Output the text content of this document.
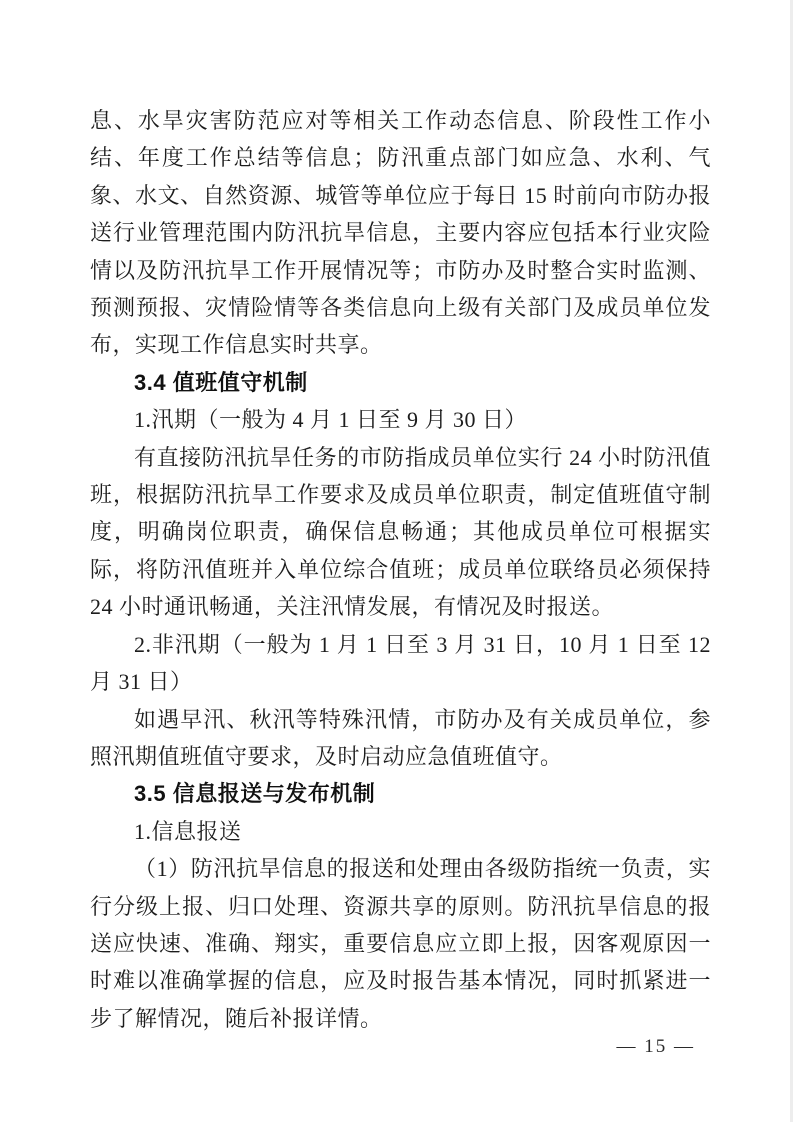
息、水旱灾害防范应对等相关工作动态信息、阶段性工作小结、年度工作总结等信息；防汛重点部门如应急、水利、气象、水文、自然资源、城管等单位应于每日 15 时前向市防办报送行业管理范围内防汛抗旱信息，主要内容应包括本行业灾险情以及防汛抗旱工作开展情况等；市防办及时整合实时监测、预测预报、灾情险情等各类信息向上级有关部门及成员单位发布，实现工作信息实时共享。

3.4 值班值守机制

1.汛期（一般为 4 月 1 日至 9 月 30 日）

有直接防汛抗旱任务的市防指成员单位实行 24 小时防汛值班，根据防汛抗旱工作要求及成员单位职责，制定值班值守制度，明确岗位职责，确保信息畅通；其他成员单位可根据实际，将防汛值班并入单位综合值班；成员单位联络员必须保持 24 小时通讯畅通，关注汛情发展，有情况及时报送。

2.非汛期（一般为 1 月 1 日至 3 月 31 日，10 月 1 日至 12 月 31 日）

如遇早汛、秋汛等特殊汛情，市防办及有关成员单位，参照汛期值班值守要求，及时启动应急值班值守。

3.5 信息报送与发布机制

1.信息报送

（1）防汛抗旱信息的报送和处理由各级防指统一负责，实行分级上报、归口处理、资源共享的原则。防汛抗旱信息的报送应快速、准确、翔实，重要信息应立即上报，因客观原因一时难以准确掌握的信息，应及时报告基本情况，同时抓紧进一步了解情况，随后补报详情。

— 15 —
